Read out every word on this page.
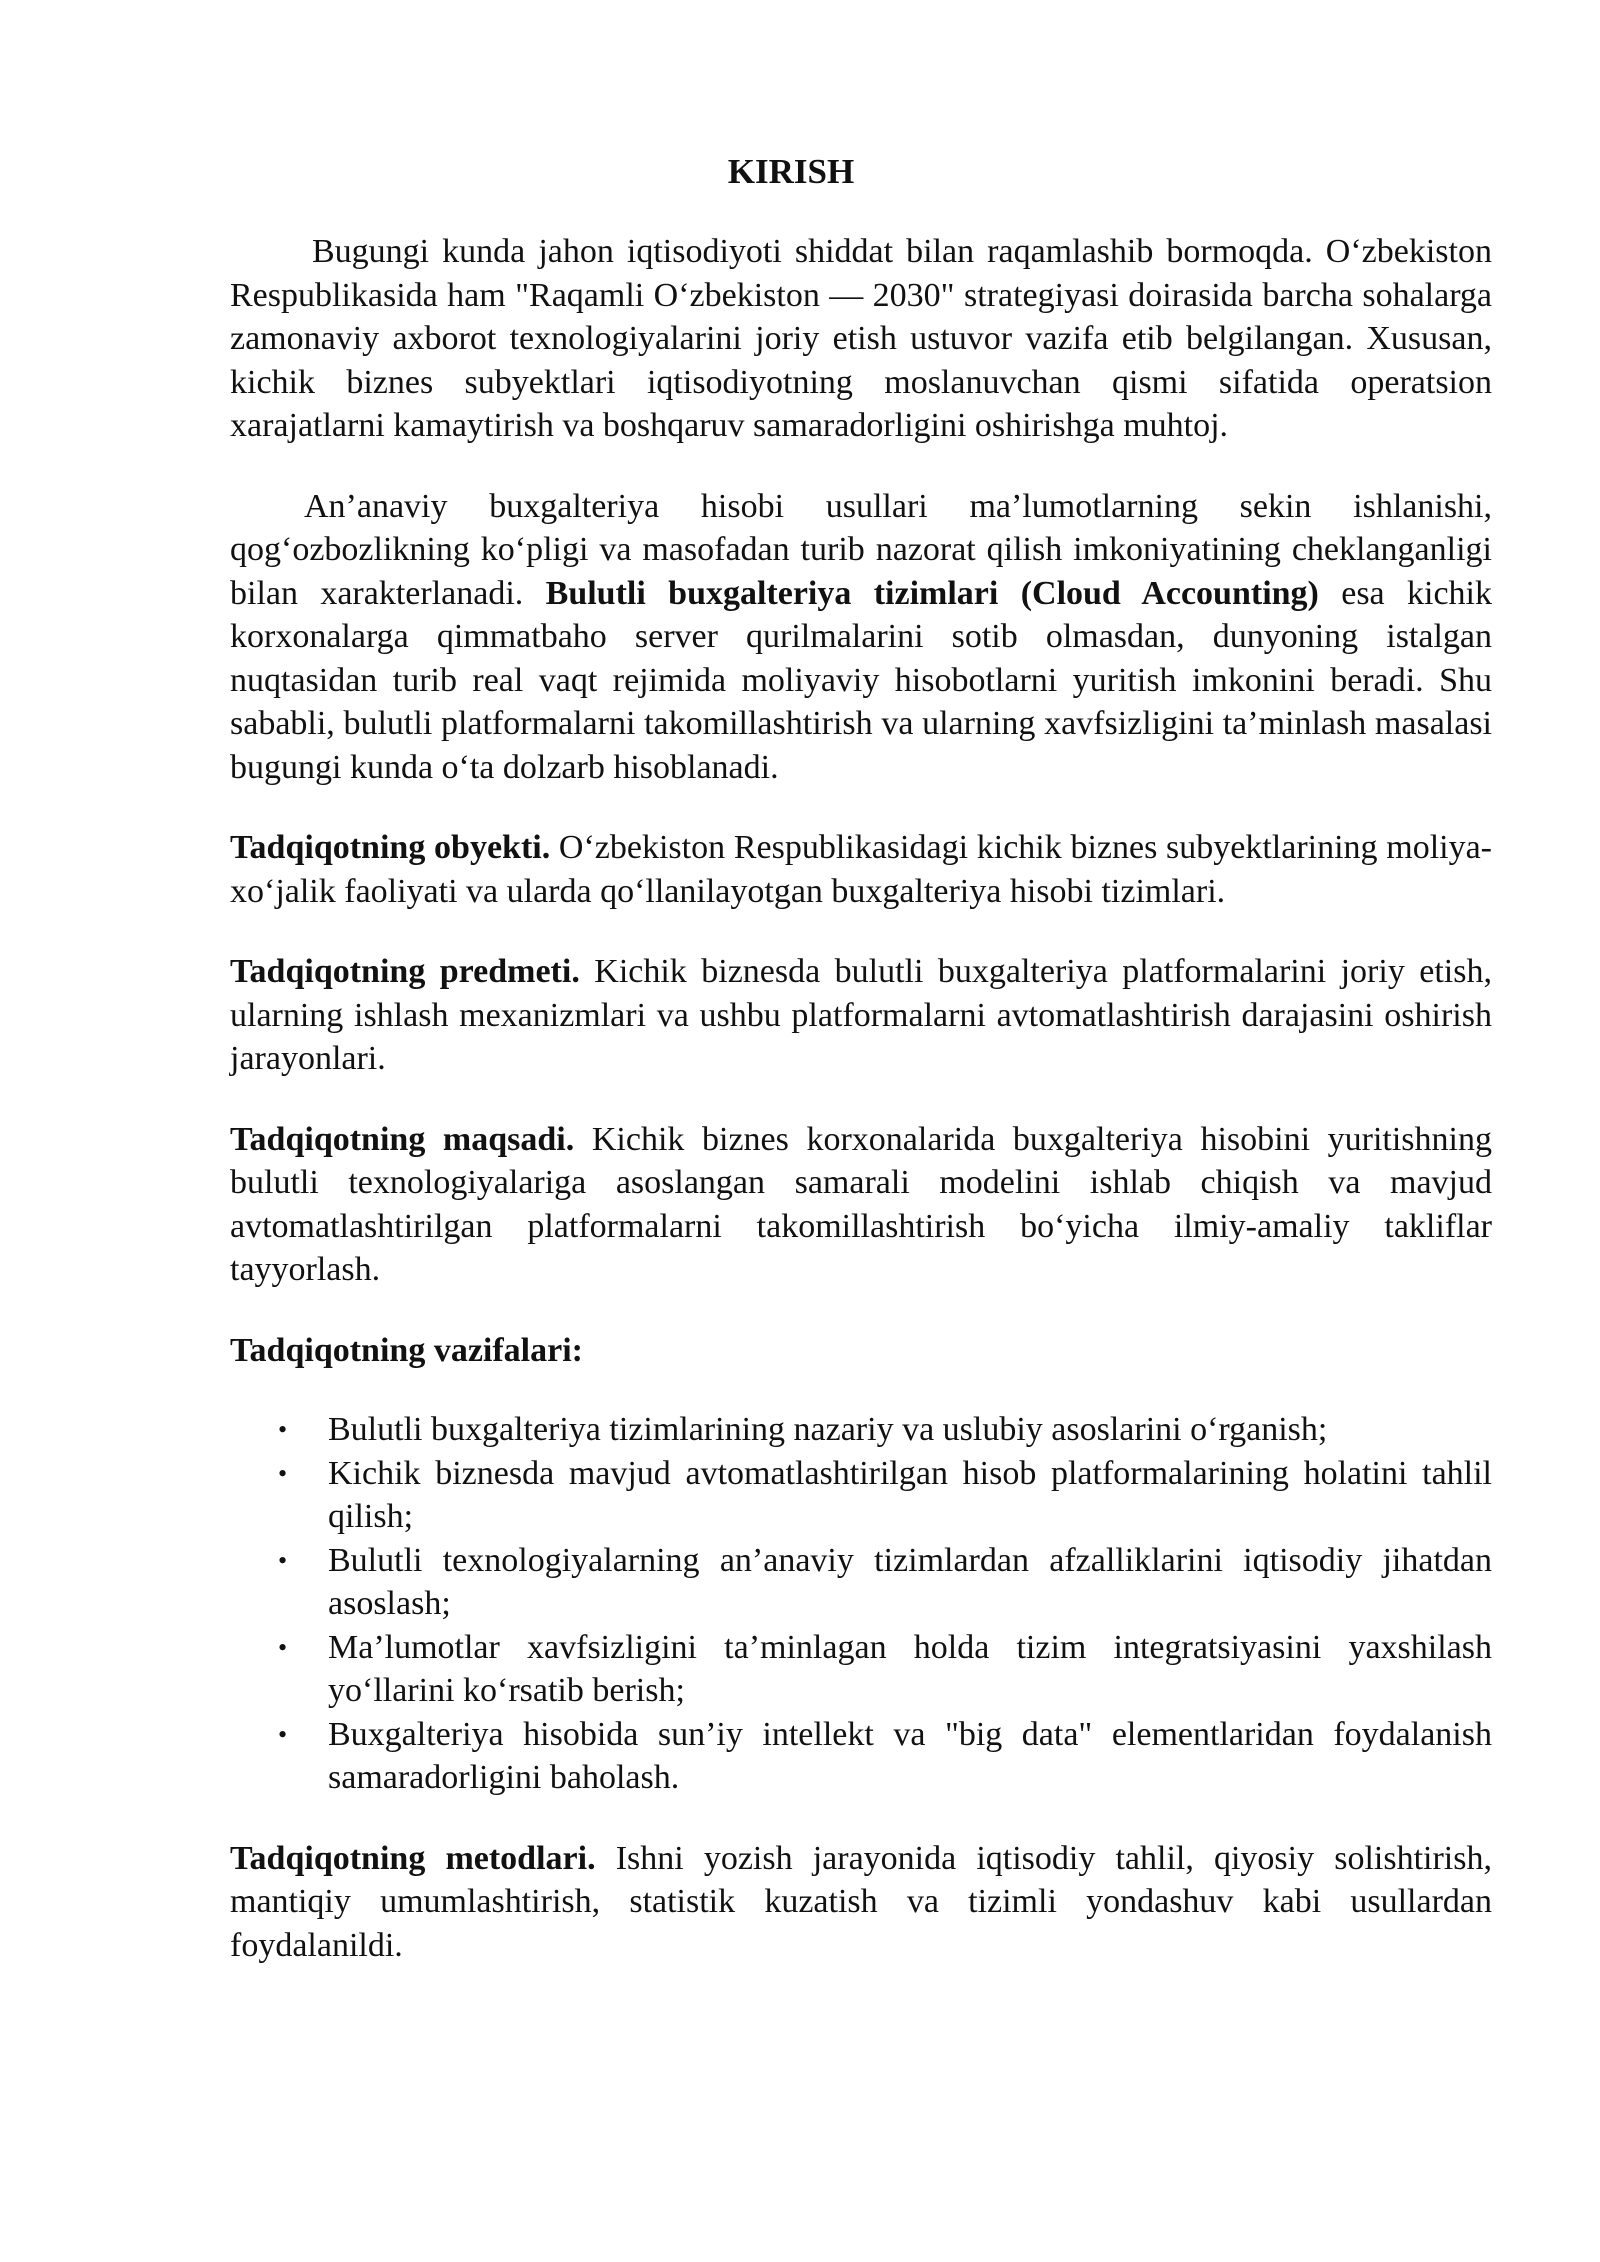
KIRISH

Bugungi kunda jahon iqtisodiyoti shiddat bilan raqamlashib bormoqda. O‘zbekiston Respublikasida ham "Raqamli O‘zbekiston — 2030" strategiyasi doirasida barcha sohalarga zamonaviy axborot texnologiyalarini joriy etish ustuvor vazifa etib belgilangan. Xususan, kichik biznes subyektlari iqtisodiyotning moslanuvchan qismi sifatida operatsion xarajatlarni kamaytirish va boshqaruv samaradorligini oshirishga muhtoj.

An’anaviy buxgalteriya hisobi usullari ma’lumotlarning sekin ishlanishi, qog‘ozbozlikning ko‘pligi va masofadan turib nazorat qilish imkoniyatining cheklanganligi bilan xarakterlanadi. Bulutli buxgalteriya tizimlari (Cloud Accounting) esa kichik korxonalarga qimmatbaho server qurilmalarini sotib olmasdan, dunyoning istalgan nuqtasidan turib real vaqt rejimida moliyaviy hisobotlarni yuritish imkonini beradi. Shu sababli, bulutli platformalarni takomillashtirish va ularning xavfsizligini ta’minlash masalasi bugungi kunda o‘ta dolzarb hisoblanadi.

Tadqiqotning obyekti. O‘zbekiston Respublikasidagi kichik biznes subyektlarining moliya-xo‘jalik faoliyati va ularda qo‘llanilayotgan buxgalteriya hisobi tizimlari.

Tadqiqotning predmeti. Kichik biznesda bulutli buxgalteriya platformalarini joriy etish, ularning ishlash mexanizmlari va ushbu platformalarni avtomatlashtirish darajasini oshirish jarayonlari.

Tadqiqotning maqsadi. Kichik biznes korxonalarida buxgalteriya hisobini yuritishning bulutli texnologiyalariga asoslangan samarali modelini ishlab chiqish va mavjud avtomatlashtirilgan platformalarni takomillashtirish bo‘yicha ilmiy-amaliy takliflar tayyorlash.

Tadqiqotning vazifalari:

• Bulutli buxgalteriya tizimlarining nazariy va uslubiy asoslarini o‘rganish;
• Kichik biznesda mavjud avtomatlashtirilgan hisob platformalarining holatini tahlil qilish;
• Bulutli texnologiyalarning an’anaviy tizimlardan afzalliklarini iqtisodiy jihatdan asoslash;
• Ma’lumotlar xavfsizligini ta’minlagan holda tizim integratsiyasini yaxshilash yo‘llarini ko‘rsatib berish;
• Buxgalteriya hisobida sun’iy intellekt va "big data" elementlaridan foydalanish samaradorligini baholash.

Tadqiqotning metodlari. Ishni yozish jarayonida iqtisodiy tahlil, qiyosiy solishtirish, mantiqiy umumlashtirish, statistik kuzatish va tizimli yondashuv kabi usullardan foydalanildi.
